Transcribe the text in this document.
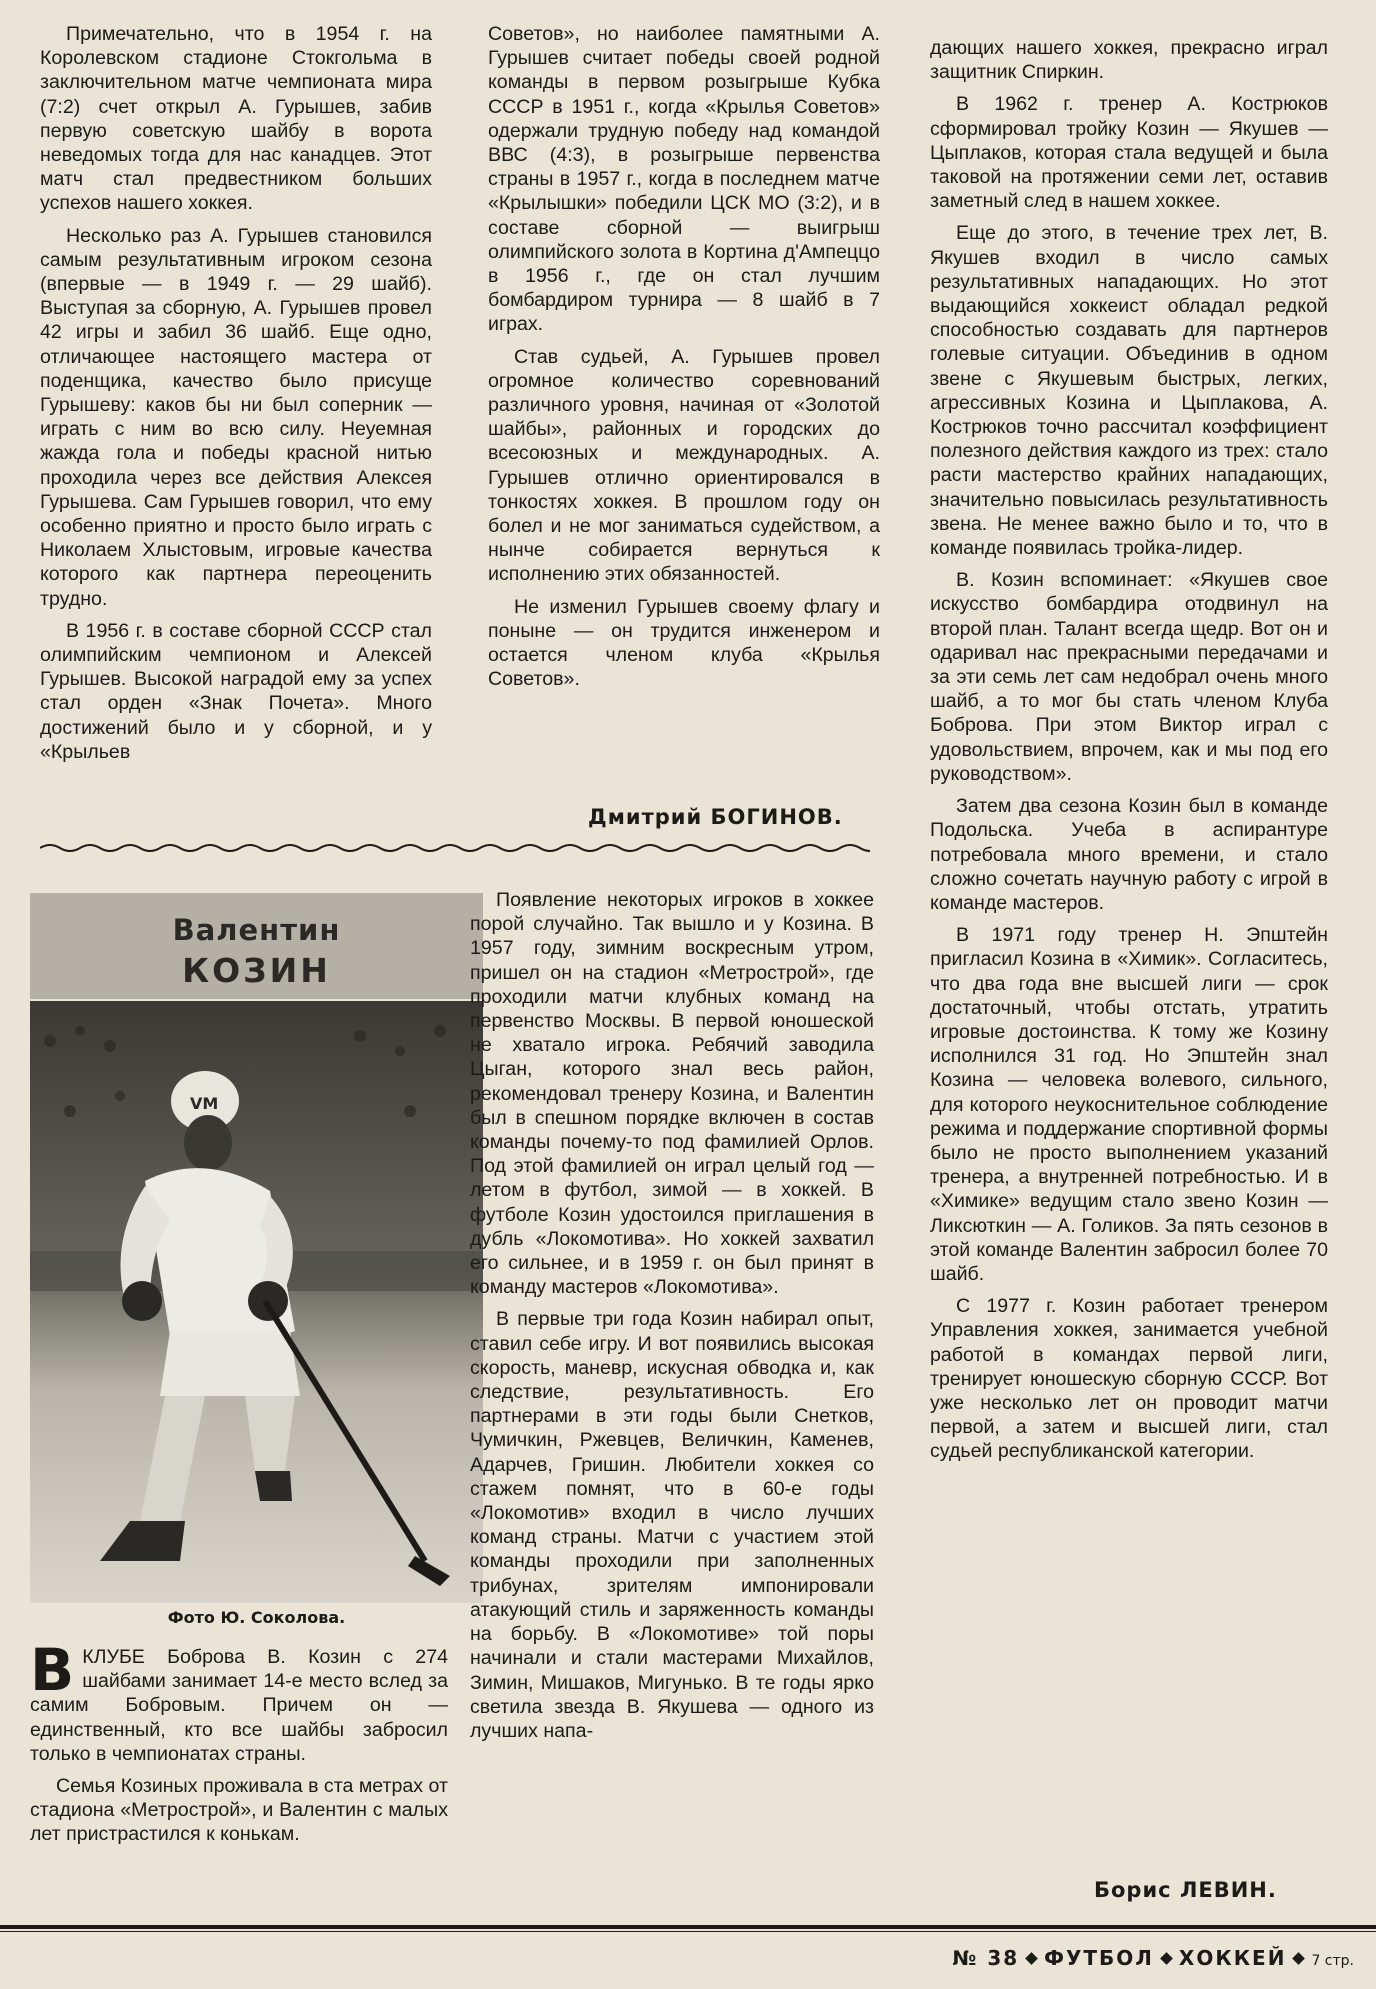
Примечательно, что в 1954 г. на Королевском стадионе Стокгольма в заключительном матче чемпионата мира (7:2) счет открыл А. Гурышев, забив первую советскую шайбу в ворота неведомых тогда для нас канадцев. Этот матч стал предвестником больших успехов нашего хоккея.

Несколько раз А. Гурышев становился самым результативным игроком сезона (впервые — в 1949 г. — 29 шайб). Выступая за сборную, А. Гурышев провел 42 игры и забил 36 шайб. Еще одно, отличающее настоящего мастера от поденщика, качество было присуще Гурышеву: каков бы ни был соперник — играть с ним во всю силу. Неуемная жажда гола и победы красной нитью проходила через все действия Алексея Гурышева. Сам Гурышев говорил, что ему особенно приятно и просто было играть с Николаем Хлыстовым, игровые качества которого как партнера переоценить трудно.

В 1956 г. в составе сборной СССР стал олимпийским чемпионом и Алексей Гурышев. Высокой наградой ему за успех стал орден «Знак Почета». Много достижений было и у сборной, и у «Крыльев

Советов», но наиболее памятными А. Гурышев считает победы своей родной команды в первом розыгрыше Кубка СССР в 1951 г., когда «Крылья Советов» одержали трудную победу над командой ВВС (4:3), в розыгрыше первенства страны в 1957 г., когда в последнем матче «Крылышки» победили ЦСК МО (3:2), и в составе сборной — выигрыш олимпийского золота в Кортина д'Ампеццо в 1956 г., где он стал лучшим бомбардиром турнира — 8 шайб в 7 играх.

Став судьей, А. Гурышев провел огромное количество соревнований различного уровня, начиная от «Золотой шайбы», районных и городских до всесоюзных и международных. А. Гурышев отлично ориентировался в тонкостях хоккея. В прошлом году он болел и не мог заниматься судейством, а нынче собирается вернуться к исполнению этих обязанностей.

Не изменил Гурышев своему флагу и поныне — он трудится инженером и остается членом клуба «Крылья Советов».

Дмитрий БОГИНОВ.

дающих нашего хоккея, прекрасно играл защитник Спиркин.

В 1962 г. тренер А. Кострюков сформировал тройку Козин — Якушев — Цыплаков, которая стала ведущей и была таковой на протяжении семи лет, оставив заметный след в нашем хоккее.

Еще до этого, в течение трех лет, В. Якушев входил в число самых результативных нападающих. Но этот выдающийся хоккеист обладал редкой способностью создавать для партнеров голевые ситуации. Объединив в одном звене с Якушевым быстрых, легких, агрессивных Козина и Цыплакова, А. Кострюков точно рассчитал коэффициент полезного действия каждого из трех: стало расти мастерство крайних нападающих, значительно повысилась результативность звена. Не менее важно было и то, что в команде появилась тройка-лидер.

В. Козин вспоминает: «Якушев свое искусство бомбардира отодвинул на второй план. Талант всегда щедр. Вот он и одаривал нас прекрасными передачами и за эти семь лет сам недобрал очень много шайб, а то мог бы стать членом Клуба Боброва. При этом Виктор играл с удовольствием, впрочем, как и мы под его руководством».

Затем два сезона Козин был в команде Подольска. Учеба в аспирантуре потребовала много времени, и стало сложно сочетать научную работу с игрой в команде мастеров.

В 1971 году тренер Н. Эпштейн пригласил Козина в «Химик». Согласитесь, что два года вне высшей лиги — срок достаточный, чтобы отстать, утратить игровые достоинства. К тому же Козину исполнился 31 год. Но Эпштейн знал Козина — человека волевого, сильного, для которого неукоснительное соблюдение режима и поддержание спортивной формы было не просто выполнением указаний тренера, а внутренней потребностью. И в «Химике» ведущим стало звено Козин — Ликсюткин — А. Голиков. За пять сезонов в этой команде Валентин забросил более 70 шайб.

С 1977 г. Козин работает тренером Управления хоккея, занимается учебной работой в командах первой лиги, тренирует юношескую сборную СССР. Вот уже несколько лет он проводит матчи первой, а затем и высшей лиги, стал судьей республиканской категории.

Борис ЛЕВИН.
Валентин
КОЗИН
VM
Фото Ю. Соколова.

ВКЛУБЕ Боброва В. Козин с 274 шайбами занимает 14-е место вслед за самим Бобровым. Причем он — единственный, кто все шайбы забросил только в чемпионатах страны.

Семья Козиных проживала в ста метрах от стадиона «Метрострой», и Валентин с малых лет пристрастился к конькам.

Появление некоторых игроков в хоккее порой случайно. Так вышло и у Козина. В 1957 году, зимним воскресным утром, пришел он на стадион «Метрострой», где проходили матчи клубных команд на первенство Москвы. В первой юношеской не хватало игрока. Ребячий заводила Цыган, которого знал весь район, рекомендовал тренеру Козина, и Валентин был в спешном порядке включен в состав команды почему-то под фамилией Орлов. Под этой фамилией он играл целый год — летом в футбол, зимой — в хоккей. В футболе Козин удостоился приглашения в дубль «Локомотива». Но хоккей захватил его сильнее, и в 1959 г. он был принят в команду мастеров «Локомотива».

В первые три года Козин набирал опыт, ставил себе игру. И вот появились высокая скорость, маневр, искусная обводка и, как следствие, результативность. Его партнерами в эти годы были Снетков, Чумичкин, Ржевцев, Величкин, Каменев, Адарчев, Гришин. Любители хоккея со стажем помнят, что в 60-е годы «Локомотив» входил в число лучших команд страны. Матчи с участием этой команды проходили при заполненных трибунах, зрителям импонировали атакующий стиль и заряженность команды на борьбу. В «Локомотиве» той поры начинали и стали мастерами Михайлов, Зимин, Мишаков, Мигунько. В те годы ярко светила звезда В. Якушева — одного из лучших напа-

№ 38 ФУТБОЛ ХОККЕЙ 7 стр.
